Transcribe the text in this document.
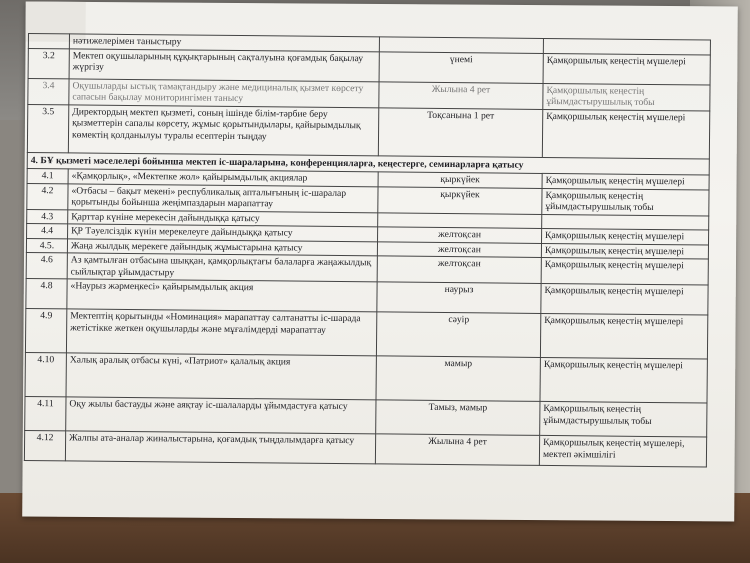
	нәтижелерімен таныстыру		
3.2	Мектеп оқушыларының құқықтарының сақталуына қоғамдық бақылау жүргізу	үнемі	Қамқоршылық кеңестің мүшелері
3.4	Оқушыларды ыстық тамақтандыру және медициналық қызмет көрсету сапасын бақылау мониторингімен танысу	Жылына 4 рет	Қамқоршылық кеңестің ұйымдастырушылық тобы
3.5	Директордың мектеп қызметі, соның ішінде білім-тәрбие беру қызметтерін сапалы көрсету, жұмыс қорытындылары, қайырымдылық көмектің қолданылуы туралы есептерін тыңдау	Тоқсанына 1 рет	Қамқоршылық кеңестің мүшелері
4. БҰ қызметі мәселелері бойынша мектеп іс-шараларына, конференцияларға, кеңестерге, семинарларға қатысу			
4.1	«Қамқорлық», «Мектепке жол» қайырымдылық акциялар	қыркүйек	Қамқоршылық кеңестің мүшелері
4.2	«Отбасы – бақыт мекені» республикалық апталығының іс-шаралар қорытынды бойынша жеңімпаздарын марапаттау	қыркүйек	Қамқоршылық кеңестің ұйымдастырушылық тобы
4.3	Қарттар күніне мерекесін дайындыққа қатысу		
4.4	ҚР Тәуелсіздік күнін мерекелеуге дайындыққа қатысу	желтоқсан	Қамқоршылық кеңестің мүшелері
4.5.	Жаңа жылдық мерекеге дайындық жұмыстарына қатысу	желтоқсан	Қамқоршылық кеңестің мүшелері
4.6	Аз қамтылған отбасына шыққан, қамқорлықтағы балаларға жаңажылдық сыйлықтар ұйымдастыру	желтоқсан	Қамқоршылық кеңестің мүшелері
4.8	«Наурыз жәрмеңкесі» қайырымдылық акция	наурыз	Қамқоршылық кеңестің мүшелері
4.9	Мектептің қорытынды «Номинация» марапаттау салтанатты іс-шарада жетістікке жеткен оқушыларды және мұғалімдерді марапаттау	сәуір	Қамқоршылық кеңестің мүшелері
4.10	Халық аралық отбасы күні, «Патриот» қалалық акция	мамыр	Қамқоршылық кеңестің мүшелері
4.11	Оқу жылы бастауды және аяқтау іс-шалаларды ұйымдастуға қатысу	Тамыз, мамыр	Қамқоршылық кеңестің ұйымдастырушылық тобы
4.12	Жалпы ата-аналар жиналыстарына, қоғамдық тыңдалымдарға қатысу	Жылына 4 рет	Қамқоршылық кеңестің мүшелері, мектеп әкімшілігі
